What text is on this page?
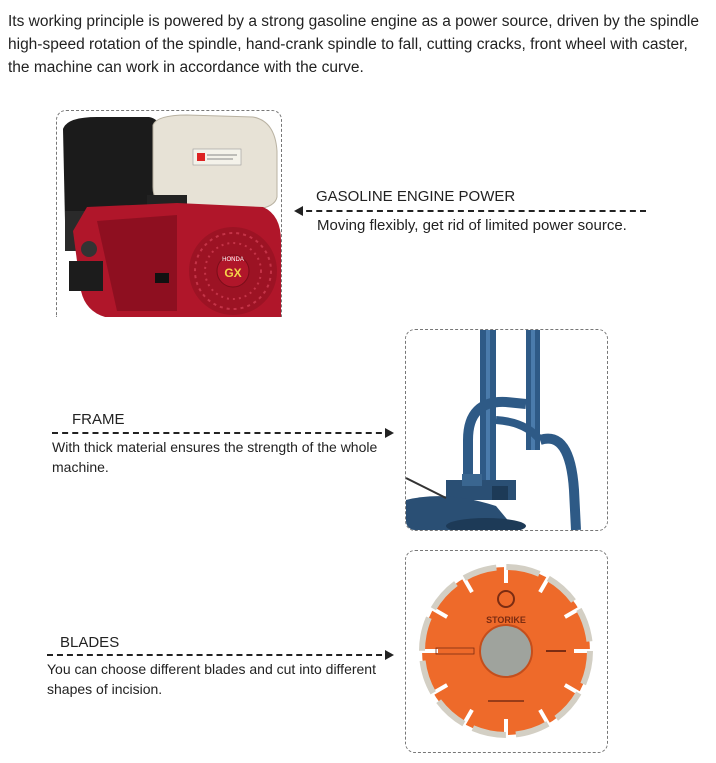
Its working principle is powered by a strong gasoline engine as a power source, driven by the spindle high-speed rotation of the spindle, hand-crank spindle to fall, cutting cracks, front wheel with caster, the machine can work in accordance with the curve.

GX
HONDA
GASOLINE ENGINE POWER
Moving flexibly, get rid of limited power source.
FRAME
With thick material ensures the strength of the whole machine.
STORIKE
BLADES
You can choose different blades and cut into different shapes of incision.
